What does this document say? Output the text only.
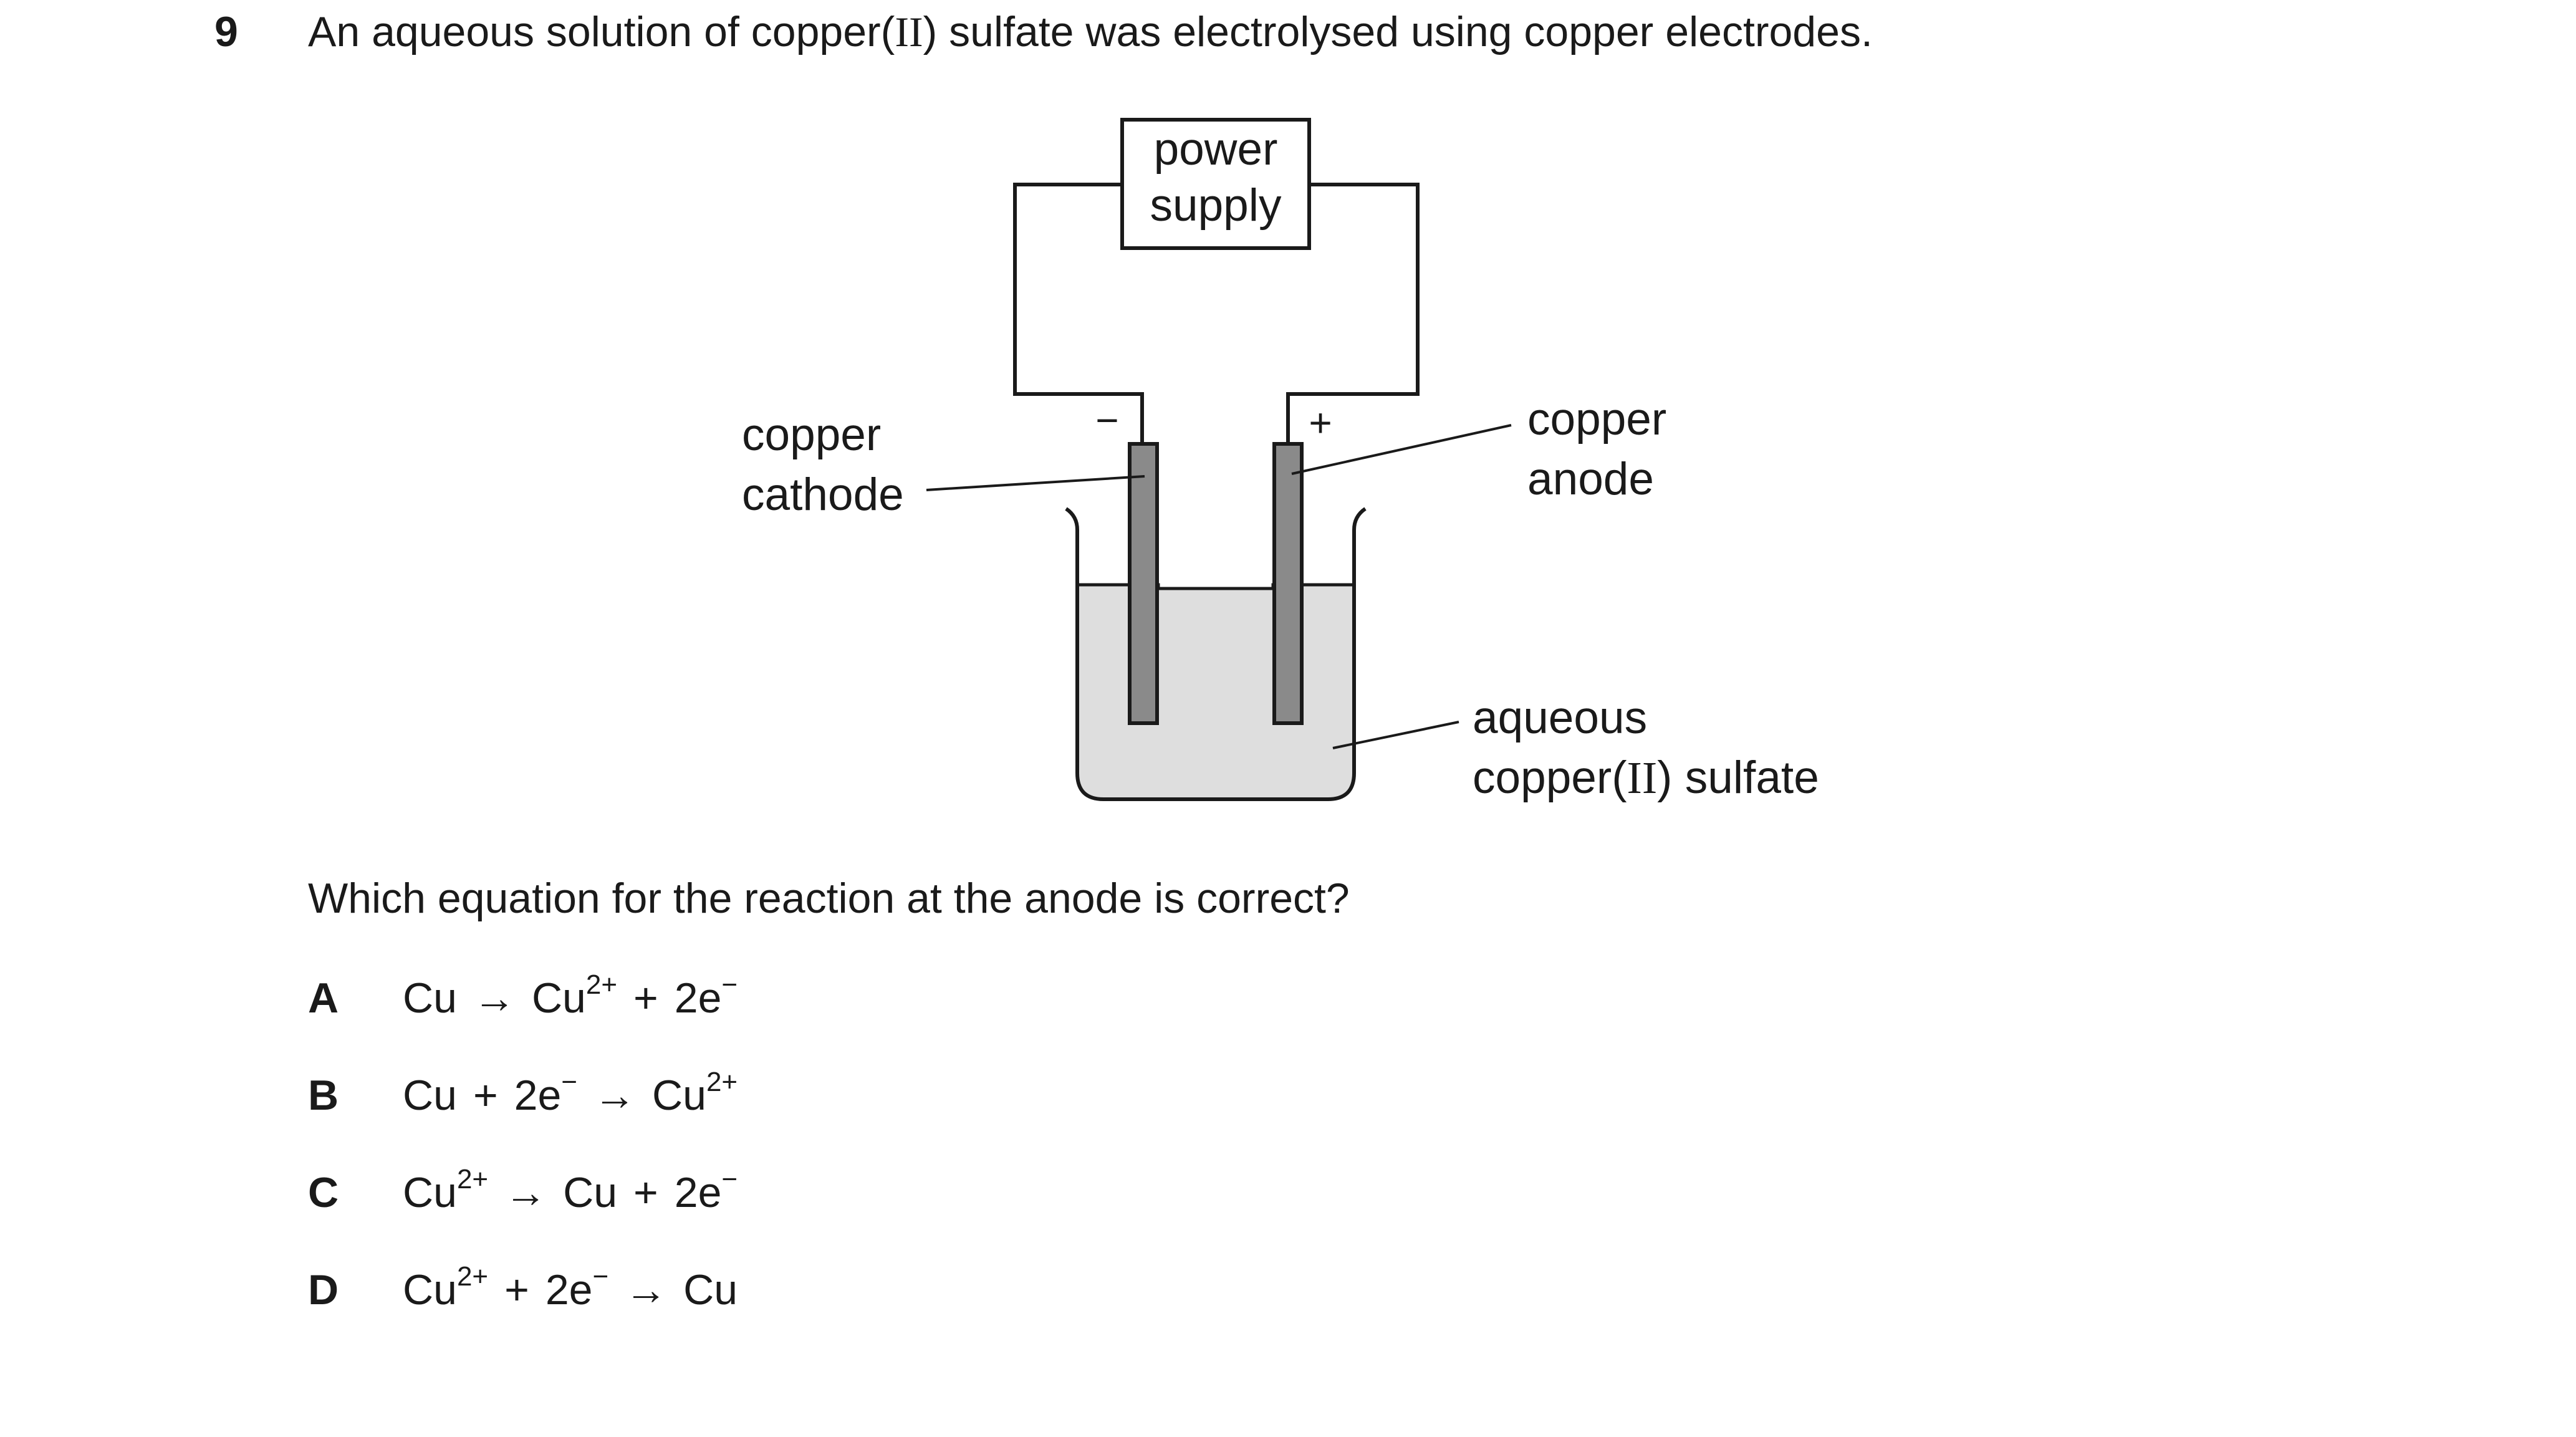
9 An aqueous solution of copper(II) sulfate was electrolysed using copper electrodes.
power
supply
−	+
copper
cathode
copper
anode
aqueous
copper(II) sulfate
Which equation for the reaction at the anode is correct?
A $Cu \to Cu^{2+} + 2e^-$
B $Cu + 2e^- \to Cu^{2+}$
C $Cu^{2+} \to Cu + 2e^-$
D $Cu^{2+} + 2e^- \to Cu$
